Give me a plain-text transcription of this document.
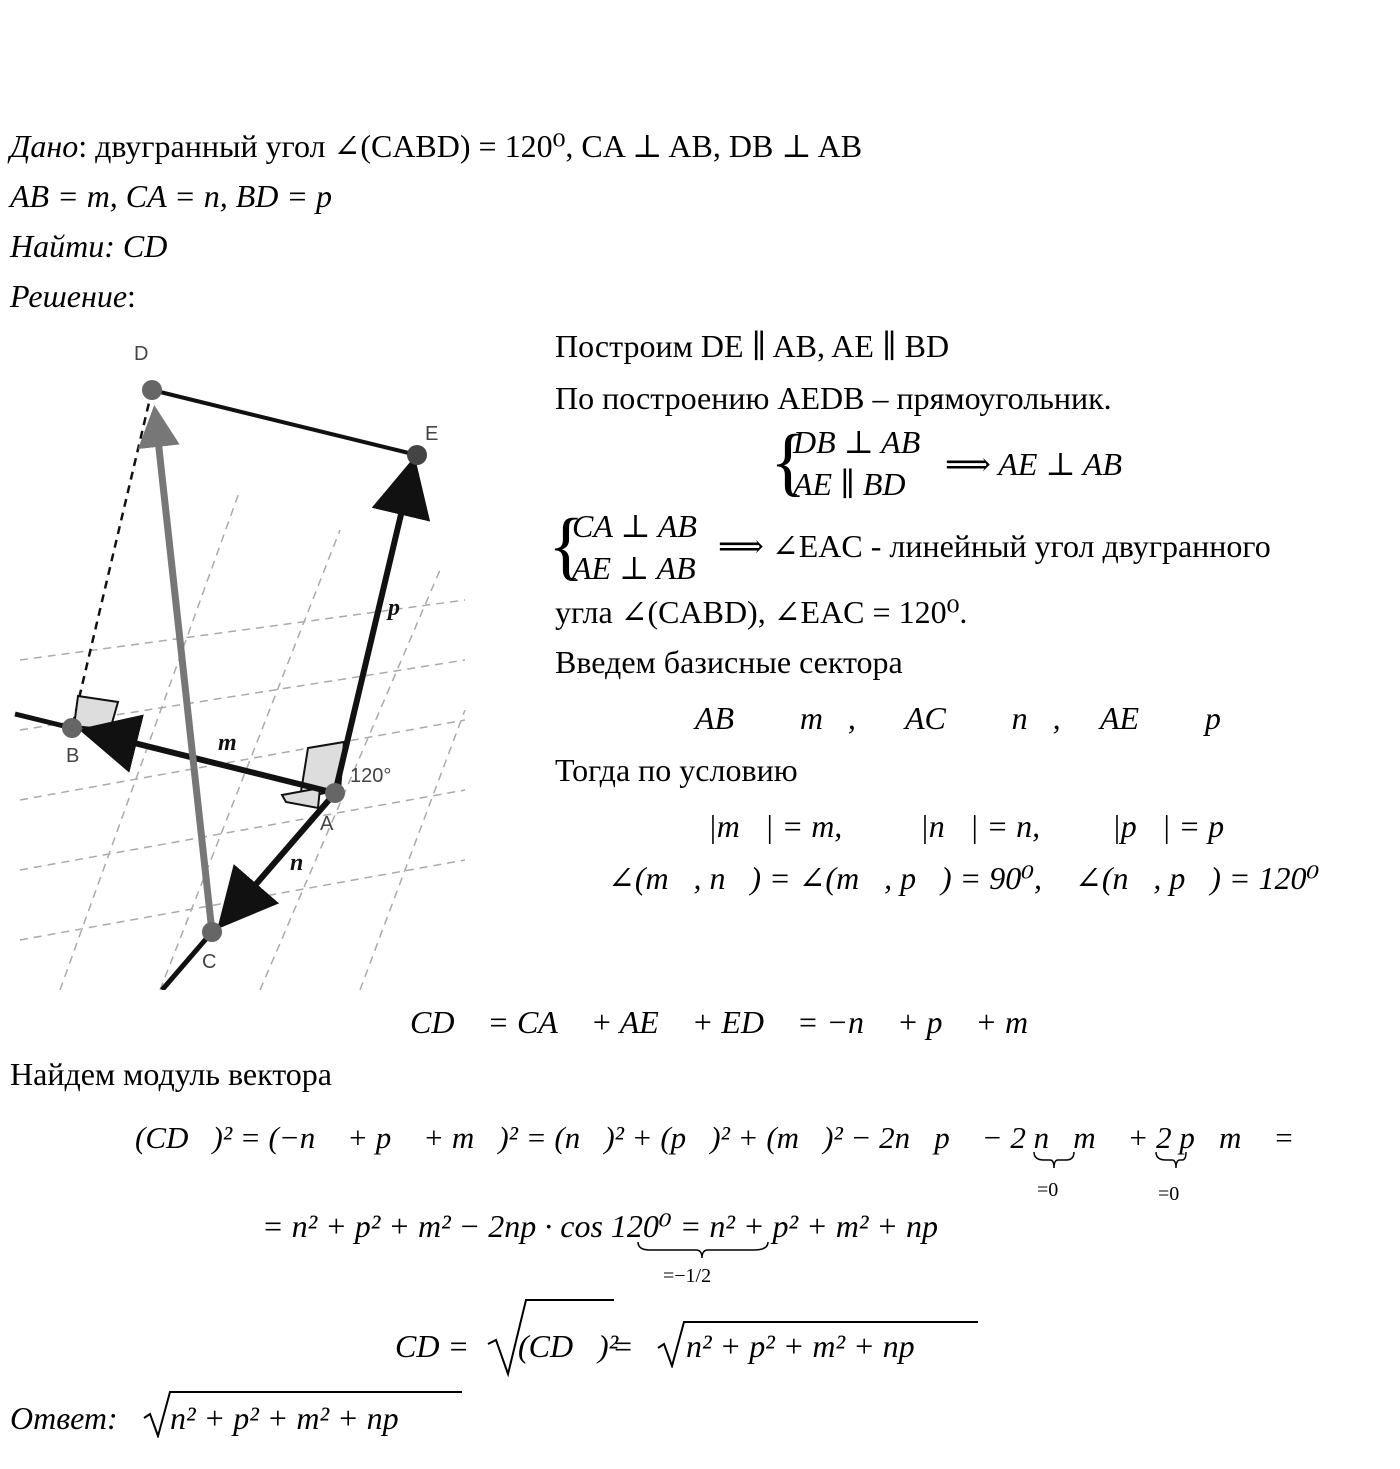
Дано: двугранный угол ∠(CABD) = 120⁰, CA ⊥ AB, DB ⊥ AB
AB = m, CA = n, BD = p
Найти: CD
Решение:
D
E
B
A
C
120°
m⃗
p⃗
n⃗
Построим DE ∥ AB, AE ∥ BD
По построению AEDB – прямоугольник.
{
DB ⊥ AB
AE ∥ BD
⟹ AE ⊥ AB
{
CA ⊥ AB
AE ⊥ AB
⟹ ∠EAC - линейный угол двугранного
угла ∠(CABD), ∠EAC = 120⁰.
Введем базисные сектора
AB⃗ ≝ m⃗, AC⃗ ≝ n⃗, AE⃗ ≝ p⃗
Тогда по условию
|m⃗| = m, |n⃗| = n, |p⃗| = p
∠(m⃗, n⃗) = ∠(m⃗, p⃗) = 90⁰, ∠(n⃗, p⃗) = 120⁰
CD⃗ = CA⃗ + AE⃗ + ED⃗ = −n⃗ + p⃗ + m⃗
Найдем модуль вектора
(CD⃗)² = (−n⃗ + p⃗ + m⃗)² = (n⃗)² + (p⃗)² + (m⃗)² − 2n⃗p⃗ − 2 n⃗m⃗ + 2 p⃗m⃗ =
=0	=0
= n² + p² + m² − 2np · cos 120⁰ = n² + p² + m² + np
=−1/2
CD = (CD⃗)²
= n² + p² + m² + np
Ответ: n² + p² + m² + np
